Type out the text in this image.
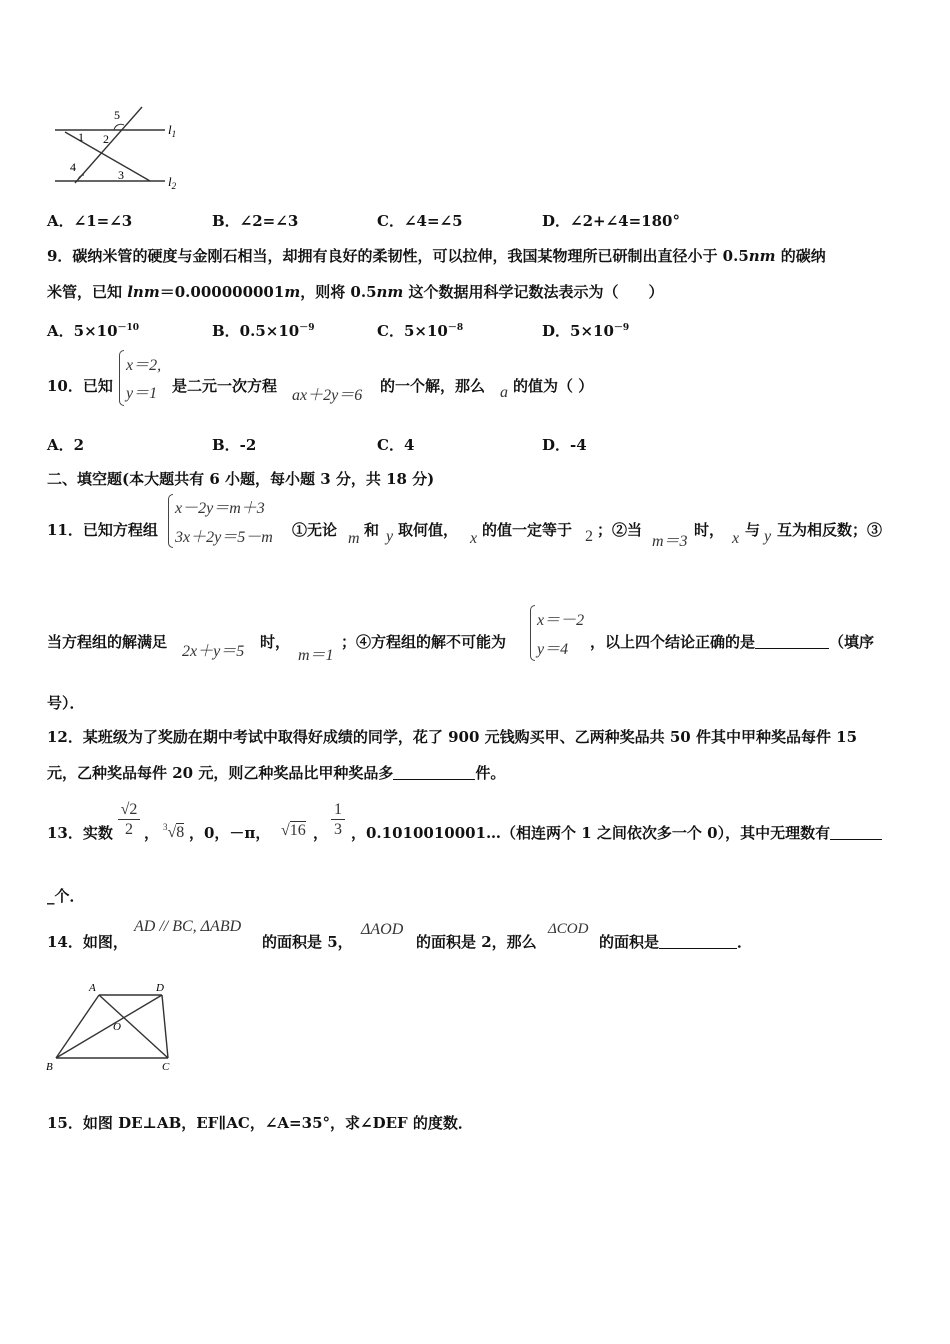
5
1 2
4
3
$l_1$
$l_2$
A．∠1=∠3	B．∠2=∠3	C．∠4=∠5	D．∠2+∠4=180°
9．碳纳米管的硬度与金刚石相当，却拥有良好的柔韧性，可以拉伸，我国某物理所已研制出直径小于 0.5nm 的碳纳
米管，已知 lnm＝0.000000001m，则将 0.5nm 这个数据用科学记数法表示为（　　）
A．$5\times 10^{-10}$	B．$0.5\times 10^{-9}$	C．$5\times 10^{-8}$	D．$5\times 10^{-9}$
10．已知
x＝2,
y＝1 是二元一次方程
ax＋2y＝6
的一个解，那么 a 的值为（ ）
A．2	B．-2	C．4	D．-4
二、填空题(本大题共有 6 小题，每小题 3 分，共 18 分)
11．已知方程组
x－2y＝m＋3
3x＋2y＝5－m ①无论 m 和 y 取何值， x 的值一定等于 2 ；②当
m＝3
时， x 与 y 互为相反数；③
当方程组的解满足
2x＋y＝5
时，
m＝1
；④方程组的解不可能为
x＝－2
y＝4 ，以上四个结论正确的是	（填序
号）．
12．某班级为了奖励在期中考试中取得好成绩的同学，花了 900 元钱购买甲、乙两种奖品共 50 件其中甲种奖品每件 15
元，乙种奖品每件 20 元，则乙种奖品比甲种奖品多	件。
13．实数
√2
2 ， $^3$√8 ，0，－π， √16 ，
1
3 ，0.1010010001…（相连两个 1 之间依次多一个 0），其中无理数有
_个．
14．如图，
AD // BC, ΔABD
的面积是 5，
ΔAOD
的面积是 2，那么
ΔCOD
的面积是	．
A	D
O
B	C
15．如图 DE⊥AB，EF∥AC，∠A=35°，求∠DEF 的度数．
